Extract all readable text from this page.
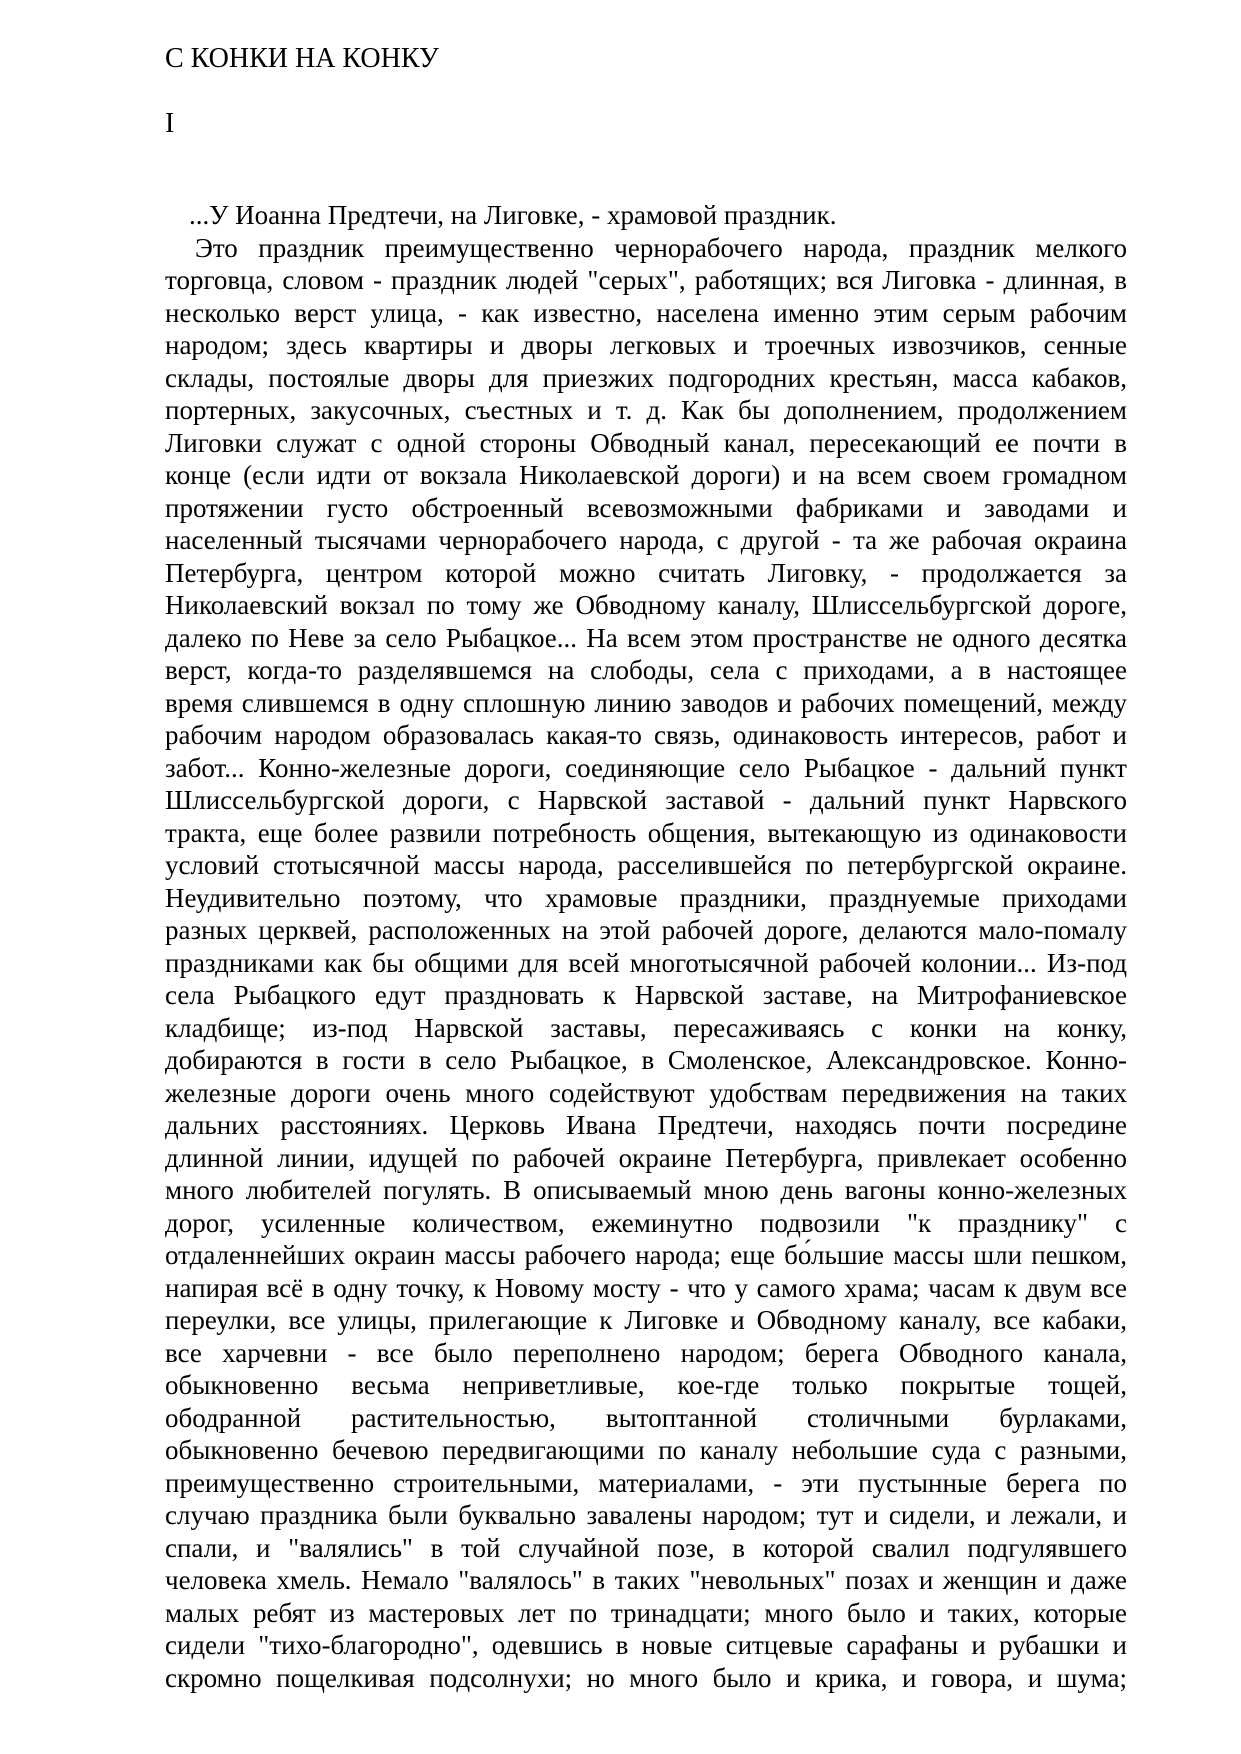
С КОНКИ НА КОНКУ
I
...У Иоанна Предтечи, на Лиговке, - храмовой праздник.
Это праздник преимущественно чернорабочего народа, праздник мелкого
торговца, словом - праздник людей "серых", работящих; вся Лиговка - длинная, в
несколько верст улица, - как известно, населена именно этим серым рабочим
народом; здесь квартиры и дворы легковых и троечных извозчиков, сенные
склады, постоялые дворы для приезжих подгородних крестьян, масса кабаков,
портерных, закусочных, съестных и т. д. Как бы дополнением, продолжением
Лиговки служат с одной стороны Обводный канал, пересекающий ее почти в
конце (если идти от вокзала Николаевской дороги) и на всем своем громадном
протяжении густо обстроенный всевозможными фабриками и заводами и
населенный тысячами чернорабочего народа, с другой - та же рабочая окраина
Петербурга, центром которой можно считать Лиговку, - продолжается за
Николаевский вокзал по тому же Обводному каналу, Шлиссельбургской дороге,
далеко по Неве за село Рыбацкое... На всем этом пространстве не одного десятка
верст, когда-то разделявшемся на слободы, села с приходами, а в настоящее
время слившемся в одну сплошную линию заводов и рабочих помещений, между
рабочим народом образовалась какая-то связь, одинаковость интересов, работ и
забот... Конно-железные дороги, соединяющие село Рыбацкое - дальний пункт
Шлиссельбургской дороги, с Нарвской заставой - дальний пункт Нарвского
тракта, еще более развили потребность общения, вытекающую из одинаковости
условий стотысячной массы народа, расселившейся по петербургской окраине.
Неудивительно поэтому, что храмовые праздники, празднуемые приходами
разных церквей, расположенных на этой рабочей дороге, делаются мало-помалу
праздниками как бы общими для всей многотысячной рабочей колонии... Из-под
села Рыбацкого едут праздновать к Нарвской заставе, на Митрофаниевское
кладбище; из-под Нарвской заставы, пересаживаясь с конки на конку,
добираются в гости в село Рыбацкое, в Смоленское, Александровское. Конно-
железные дороги очень много содействуют удобствам передвижения на таких
дальних расстояниях. Церковь Ивана Предтечи, находясь почти посредине
длинной линии, идущей по рабочей окраине Петербурга, привлекает особенно
много любителей погулять. В описываемый мною день вагоны конно-железных
дорог, усиленные количеством, ежеминутно подвозили "к празднику" с
отдаленнейших окраин массы рабочего народа; еще бо́льшие массы шли пешком,
напирая всё в одну точку, к Новому мосту - что у самого храма; часам к двум все
переулки, все улицы, прилегающие к Лиговке и Обводному каналу, все кабаки,
все харчевни - все было переполнено народом; берега Обводного канала,
обыкновенно весьма неприветливые, кое-где только покрытые тощей,
ободранной растительностью, вытоптанной столичными бурлаками,
обыкновенно бечевою передвигающими по каналу небольшие суда с разными,
преимущественно строительными, материалами, - эти пустынные берега по
случаю праздника были буквально завалены народом; тут и сидели, и лежали, и
спали, и "валялись" в той случайной позе, в которой свалил подгулявшего
человека хмель. Немало "валялось" в таких "невольных" позах и женщин и даже
малых ребят из мастеровых лет по тринадцати; много было и таких, которые
сидели "тихо-благородно", одевшись в новые ситцевые сарафаны и рубашки и
скромно пощелкивая подсолнухи; но много было и крика, и говора, и шума;
